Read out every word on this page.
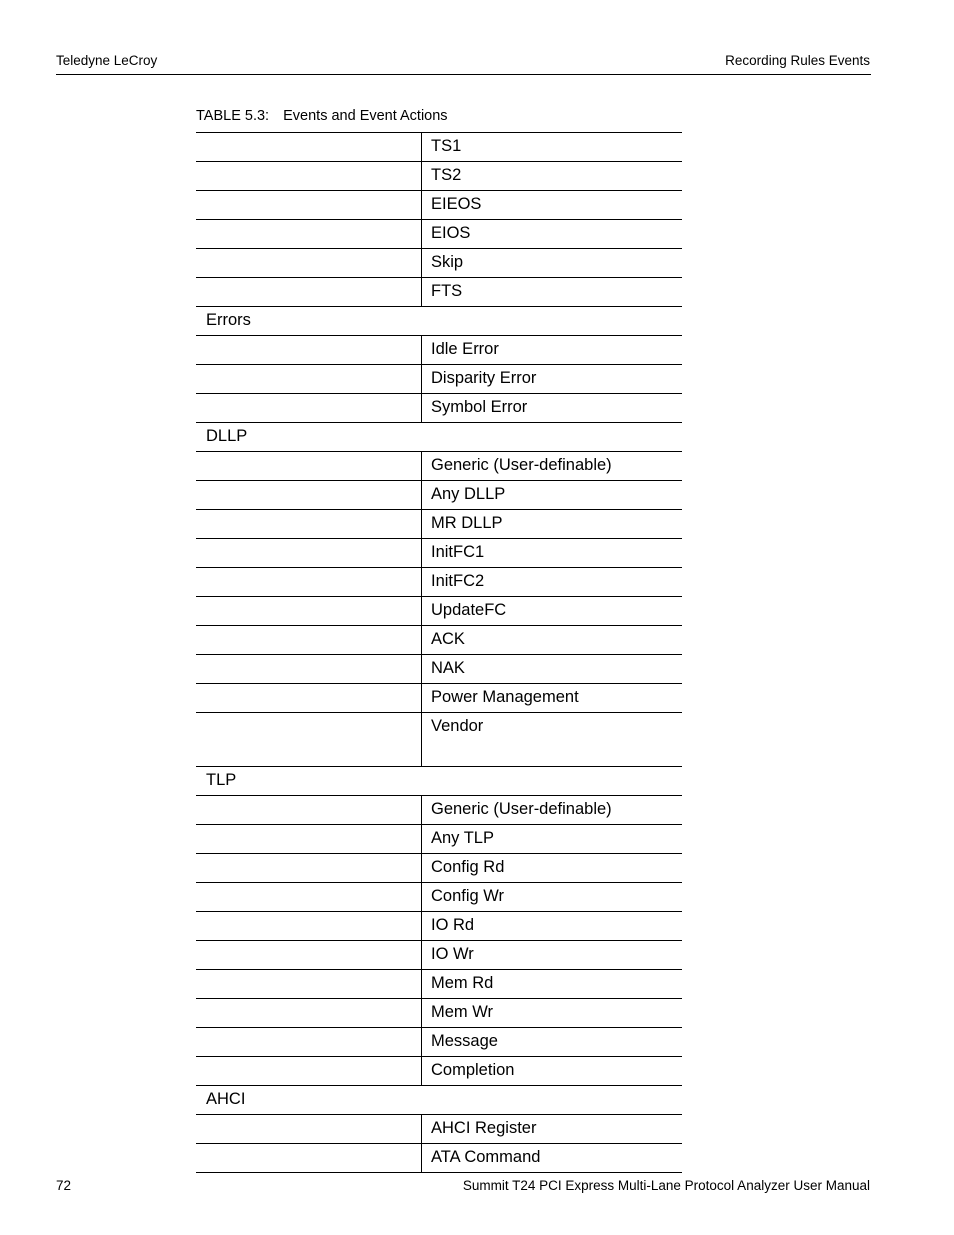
Teledyne LeCroy	Recording Rules Events
TABLE 5.3: Events and Event Actions
	TS1
	TS2
	EIEOS
	EIOS
	Skip
	FTS
Errors	
	Idle Error
	Disparity Error
	Symbol Error
DLLP	
	Generic (User-definable)
	Any DLLP
	MR DLLP
	InitFC1
	InitFC2
	UpdateFC
	ACK
	NAK
	Power Management
	Vendor
TLP	
	Generic (User-definable)
	Any TLP
	Config Rd
	Config Wr
	IO Rd
	IO Wr
	Mem Rd
	Mem Wr
	Message
	Completion
AHCI	
	AHCI Register
	ATA Command
72	Summit T24 PCI Express Multi-Lane Protocol Analyzer User Manual
